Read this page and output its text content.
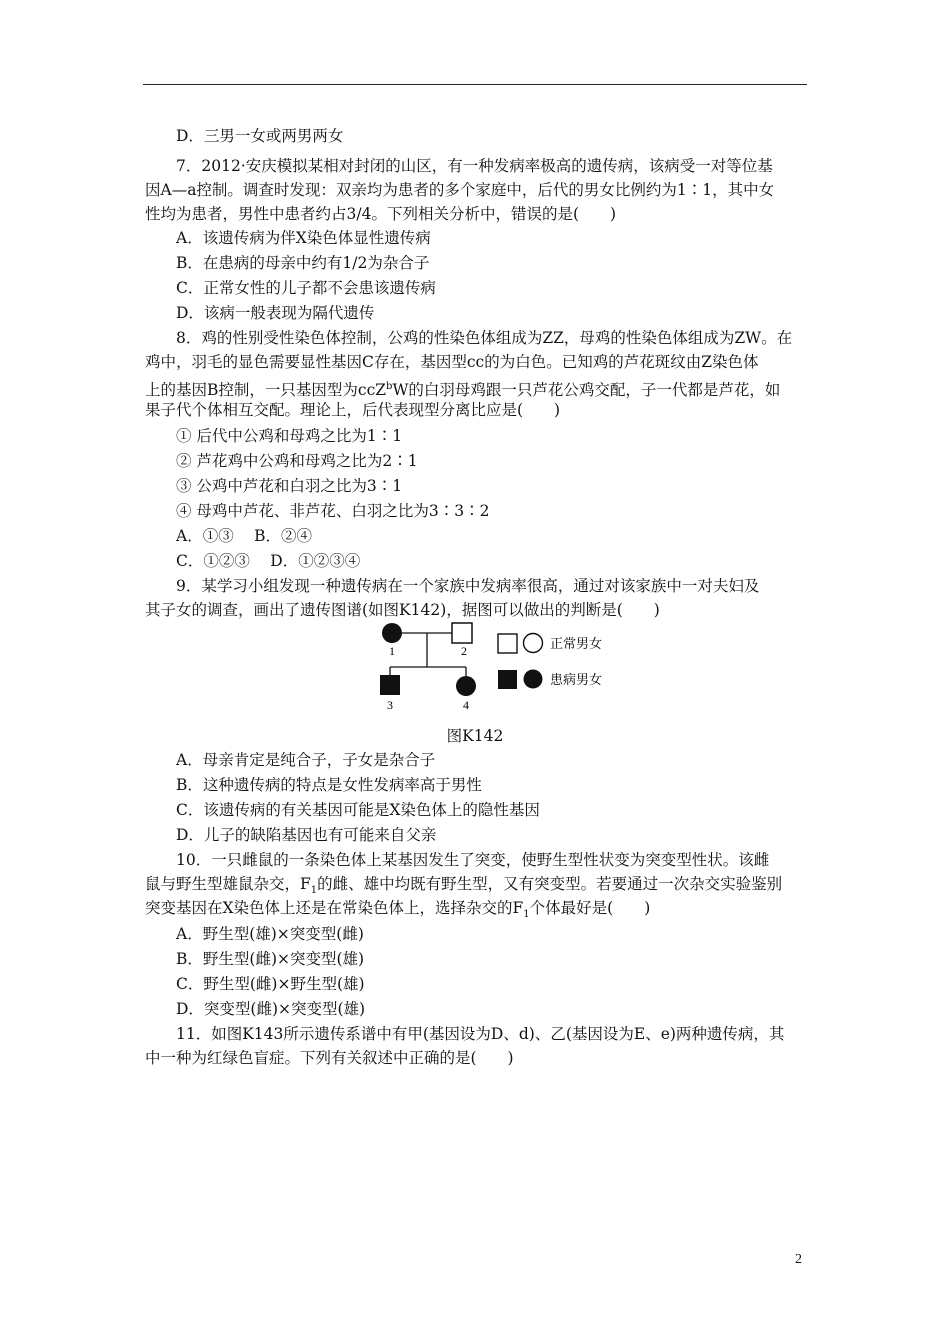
D．三男一女或两男两女
7．2012·安庆模拟某相对封闭的山区，有一种发病率极高的遗传病，该病受一对等位基
因A—a控制。调查时发现：双亲均为患者的多个家庭中，后代的男女比例约为1∶1，其中女
性均为患者，男性中患者约占3/4。下列相关分析中，错误的是(　　)
A．该遗传病为伴X染色体显性遗传病
B．在患病的母亲中约有1/2为杂合子
C．正常女性的儿子都不会患该遗传病
D．该病一般表现为隔代遗传
8．鸡的性别受性染色体控制，公鸡的性染色体组成为ZZ，母鸡的性染色体组成为ZW。在
鸡中，羽毛的显色需要显性基因C存在，基因型cc的为白色。已知鸡的芦花斑纹由Z染色体
上的基因B控制，一只基因型为ccZ$^b$W的白羽母鸡跟一只芦花公鸡交配，子一代都是芦花，如
果子代个体相互交配。理论上，后代表现型分离比应是(　　)
① 后代中公鸡和母鸡之比为1∶1
② 芦花鸡中公鸡和母鸡之比为2∶1
③ 公鸡中芦花和白羽之比为3∶1
④ 母鸡中芦花、非芦花、白羽之比为3∶3∶2
A．①③　 B．②④
C．①②③　 D．①②③④
9．某学习小组发现一种遗传病在一个家族中发病率很高，通过对该家族中一对夫妇及
其子女的调查，画出了遗传图谱(如图K142)，据图可以做出的判断是(　　)
A．母亲肯定是纯合子，子女是杂合子
B．这种遗传病的特点是女性发病率高于男性
C．该遗传病的有关基因可能是X染色体上的隐性基因
D．儿子的缺陷基因也有可能来自父亲
10．一只雌鼠的一条染色体上某基因发生了突变，使野生型性状变为突变型性状。该雌
鼠与野生型雄鼠杂交，$F_1$的雌、雄中均既有野生型，又有突变型。若要通过一次杂交实验鉴别
突变基因在X染色体上还是在常染色体上，选择杂交的$F_1$个体最好是(　　)
A．野生型(雄)×突变型(雌)
B．野生型(雌)×突变型(雄)
C．野生型(雌)×野生型(雄)
D．突变型(雌)×突变型(雄)
11．如图K143所示遗传系谱中有甲(基因设为D、d)、乙(基因设为E、e)两种遗传病，其
中一种为红绿色盲症。下列有关叙述中正确的是(　　)
1	2
3	4
正常男女
患病男女
图K142
2
